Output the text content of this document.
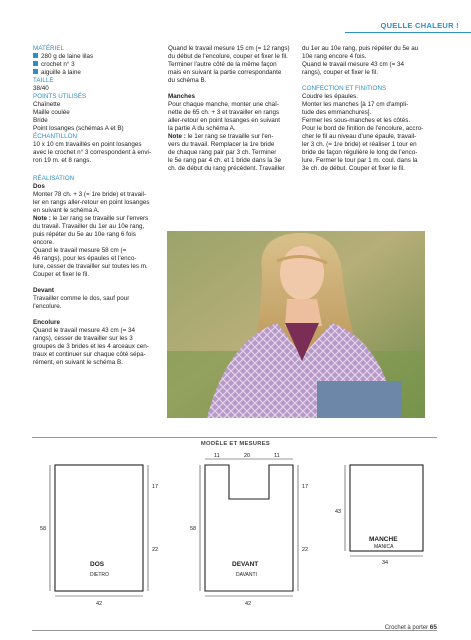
QUELLE CHALEUR !

MATÉRIEL

280 g de laine lilas

crochet n° 3

aiguille à laine

TAILLE

38/40

POINTS UTILISÉS

Chaînette

Maille coulée

Bride

Point losanges (schémas A et B)

ÉCHANTILLON

10 x 10 cm travaillés en point losanges

avec le crochet n° 3 correspondent à envi-

ron 19 m. et 8 rangs.

RÉALISATION

Dos

Monter 78 ch. + 3 (= 1re bride) et travail-

ler en rangs aller-retour en point losanges

en suivant le schéma A.

Note : le 1er rang se travaille sur l'envers

du travail. Travailler du 1er au 10e rang,

puis répéter du 5e au 10e rang 6 fois

encore.

Quand le travail mesure 58 cm (=

46 rangs), pour les épaules et l'enco-

lure, cesser de travailler sur toutes les m.

Couper et fixer le fil.

Devant

Travailler comme le dos, sauf pour

l'encolure.

Encolure

Quand le travail mesure 43 cm (= 34

rangs), cesser de travailler sur les 3

groupes de 3 brides et les 4 arceaux cen-

traux et continuer sur chaque côté sépa-

rément, en suivant le schéma B.

Quand le travail mesure 15 cm (= 12 rangs)

du début de l'encolure, couper et fixer le fil.

Terminer l'autre côté de la même façon

mais en suivant la partie correspondante

du schéma B.

Manches

Pour chaque manche, monter une chaî-

nette de 65 ch. + 3 et travailler en rangs

aller-retour en point losanges en suivant

la partie A du schéma A.

Note : le 1er rang se travaille sur l'en-

vers du travail. Remplacer la 1re bride

de chaque rang pair par 3 ch. Terminer

le 5e rang par 4 ch. et 1 bride dans la 3e

ch. de début du rang précédent. Travailler

du 1er au 10e rang, puis répéter du 5e au

10e rang encore 4 fois.

Quand le travail mesure 43 cm (= 34

rangs), couper et fixer le fil.

CONFECTION ET FINITIONS

Coudre les épaules.

Monter les manches [à 17 cm d'ampli-

tude des emmanchures].

Fermer les sous-manches et les côtés.

Pour le bord de finition de l'encolure, accro-

cher le fil au niveau d'une épaule, travail-

ler 3 ch. (= 1re bride) et réaliser 1 tour en

bride de façon régulière le long de l'enco-

lure. Fermer le tour par 1 m. coul. dans la

3e ch. de début. Couper et fixer le fil.

MODÈLE ET MESURES
17
22
58
42
DOS
DIETRO
11	20	11
17
22
58
42
DEVANT
DAVANTI
43
34
MANCHE
MANICA
Crochet à porter 65
